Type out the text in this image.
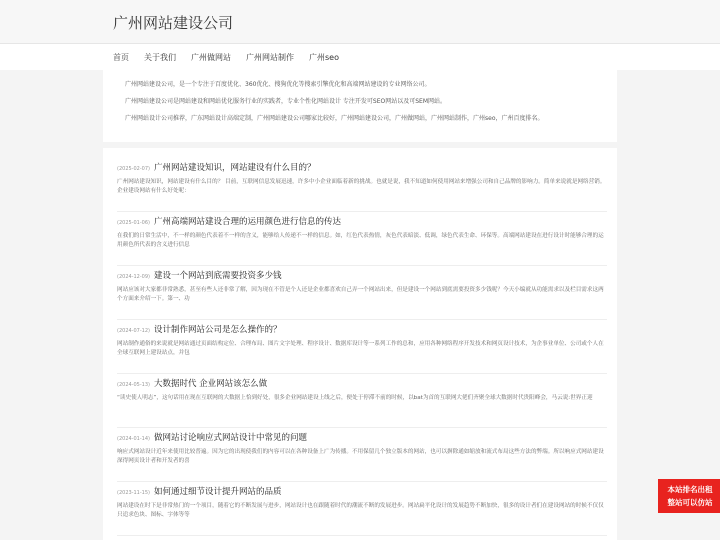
广州网站建设公司
首页 关于我们 广州做网站 广州网站制作 广州seo

广州网站建设公司，是一个专注于百度优化、360优化、搜狗优化等搜索引擎优化和高端网站建设的专业网络公司。

广州网站建设公司是网站建设和网站优化服务行业的实践者，专业个性化网站设计 专注开发可SEO网站以及可SEM网站。

广州网站设计公司推荐，广东网站设计高端定制，广州网站建设公司哪家比较好，广州网站建设公司，广州做网站，广州网站制作，广州seo，广州百度排名。

(2025-02-07) 广州网站建设知识，网站建设有什么目的？
广州网站建设知识，网站建设有什么目的？ 目前，互联网信息发展迅速，许多中小企业面临着新的挑战。也就是说，我不知道如何使用网站来增强公司和自己品牌的影响力。简单来说就是网络营销。企业建设网站有什么好处呢：
(2025-01-06) 广州高端网站建设合理的运用颜色进行信息的传达
在我们的日常生活中，不一样的颜色代表着不一样的含义，能够给人传递不一样的信息。如，红色代表热情，灰色代表暗淡、低调，绿色代表生命、环保等。高端网站建设在进行设计时能够合理的运用颜色所代表的含义进行信息
(2024-12-09) 建设一个网站到底需要投资多少钱
网站应该对大家都非常熟悉，甚至有些人还非常了解，因为现在不管是个人还是企业都喜欢自己弄一个网站出来，但是建设一个网站到底需要投资多少钱呢？今天小编就从功能需求以及栏目需求这两个方面来介绍一下。第一、功
(2024-07-12) 设计制作网站公司是怎么操作的？
网站制作通俗的来说就是网站通过页面结构定位、合理布局、图片文字处理、程序设计、数据库设计等一系列工作的总和，应用各种网络程序开发技术和网页设计技术，为企事业单位、公司或个人在全球互联网上建设站点，并包
(2024-05-13) 大数据时代 企业网站该怎么做
“读史使人明志”，这句话用在现在互联网的大数据上恰到好处，很多企业网站建设上线之后，便处于停滞不前的时候，以bat为首的互联网大佬们齐聚全球大数据时代贵阳峰会，马云说:世界正迎
(2024-01-14) 做网站讨论响应式网站设计中常见的问题
响应式网站设计近年来使用比较普遍。因为它的出现使我们的内容可以在各种设备上广为传播。不用保留几个独立版本的网站，也可以摒除通如缩放和流式布局这些方法的弊端。所以响应式网站建设深得网页设计者和开发者的喜
(2023-11-15) 如何通过细节设计提升网站的品质
网站建设在时下是非常热门的一个项目，随着它的不断发展与进步，网站设计也在跟随着时代的潮流不断的发展进步。网站扁平化设计的发展趋势不断加快，很多的设计者们在建设网站的时候不仅仅只追求色块、图标、字体等等
本站排名出租
整站可以仿站
